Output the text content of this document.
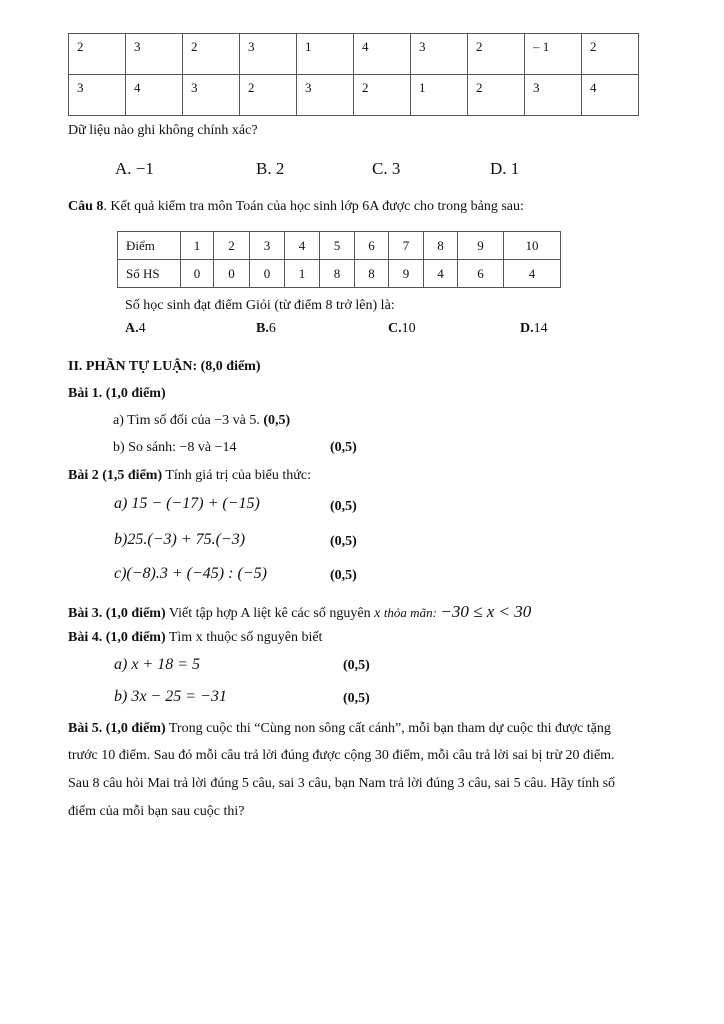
2	3	2	3	1	4	3	2	– 1	2
3	4	3	2	3	2	1	2	3	4
Dữ liệu nào ghi không chính xác?
A. −1	B. 2	C. 3	D. 1
Câu 8. Kết quả kiểm tra môn Toán của học sinh lớp 6A được cho trong bảng sau:
Điểm	1	2	3	4	5	6	7	8	9	10
Số HS	0	0	0	1	8	8	9	4	6	4
Số học sinh đạt điểm Giỏi (từ điểm 8 trở lên) là:
A.4	B.6	C.10	D.14
II. PHẦN TỰ LUẬN: (8,0 điểm)
Bài 1. (1,0 điểm)
a) Tìm số đối của −3 và 5. (0,5)
b) So sánh: −8 và −14	(0,5)
Bài 2 (1,5 điểm) Tính giá trị của biểu thức:
a) 15 − (−17) + (−15)	(0,5)
b)25.(−3) + 75.(−3)	(0,5)
c)(−8).3 + (−45) : (−5)	(0,5)
Bài 3. (1,0 điểm) Viết tập hợp A liệt kê các số nguyên x thỏa mãn: −30 ≤ x < 30
Bài 4. (1,0 điểm) Tìm x thuộc số nguyên biết
a) x + 18 = 5	(0,5)
b) 3x − 25 = −31	(0,5)
Bài 5. (1,0 điểm) Trong cuộc thi “Cùng non sông cất cánh”, mỗi bạn tham dự cuộc thi được tặng
trước 10 điểm. Sau đó mỗi câu trả lời đúng được cộng 30 điểm, mỗi câu trả lời sai bị trừ 20 điểm.
Sau 8 câu hỏi Mai trả lời đúng 5 câu, sai 3 câu, bạn Nam trả lời đúng 3 câu, sai 5 câu. Hãy tính số
điểm của mỗi bạn sau cuộc thi?
